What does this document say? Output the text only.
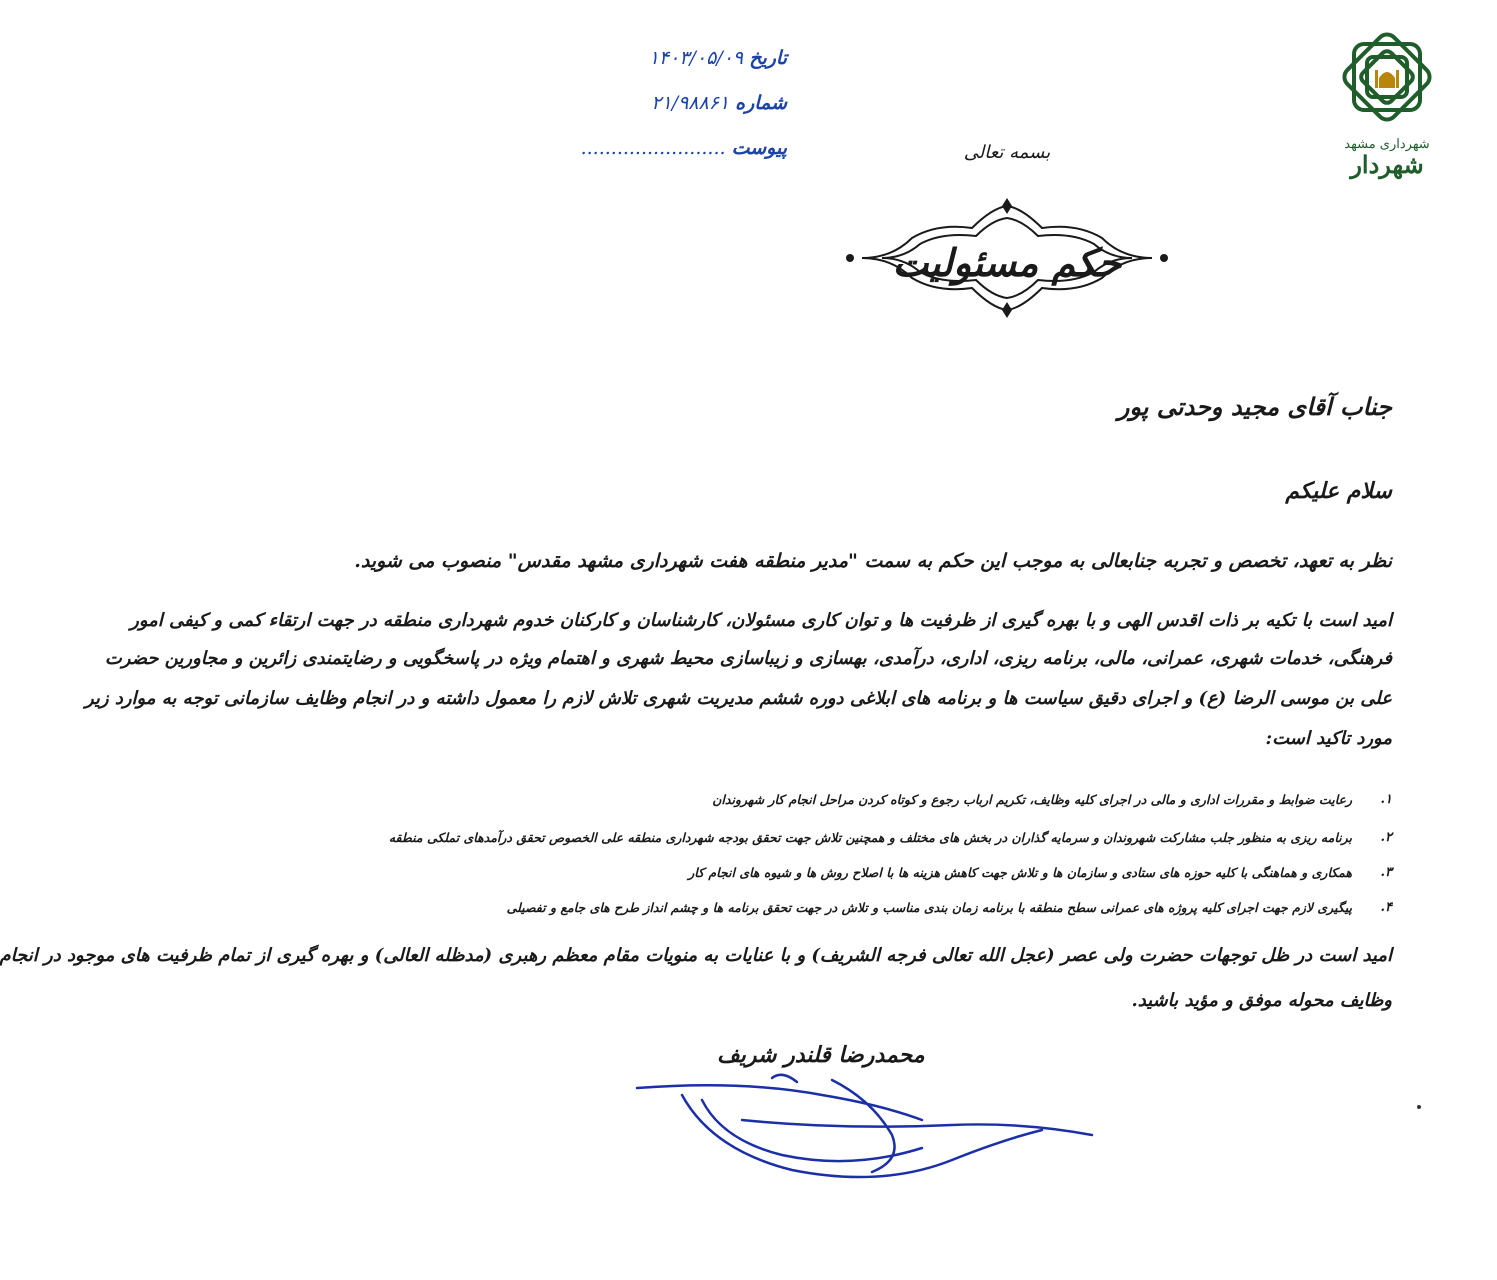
شهرداری مشهد
شهردار
تاریخ ۱۴۰۳/۰۵/۰۹
شماره ۲۱/۹۸۸۶۱
پیوست ........................	بسمه تعالی
حکم مسئولیت
جناب آقای مجید وحدتی پور
سلام علیکم
نظر به تعهد، تخصص و تجربه جنابعالی به موجب این حکم به سمت "مدیر منطقه هفت شهرداری مشهد مقدس" منصوب می شوید.
امید است با تکیه بر ذات اقدس الهی و با بهره گیری از ظرفیت ها و توان کاری مسئولان، کارشناسان و کارکنان خدوم شهرداری منطقه در جهت ارتقاء کمی و کیفی امور
فرهنگی، خدمات شهری، عمرانی، مالی، برنامه ریزی، اداری، درآمدی، بهسازی و زیباسازی محیط شهری و اهتمام ویژه در پاسخگویی و رضایتمندی زائرین و مجاورین حضرت
علی بن موسی الرضا (ع) و اجرای دقیق سیاست ها و برنامه های ابلاغی دوره ششم مدیریت شهری تلاش لازم را معمول داشته و در انجام وظایف سازمانی توجه به موارد زیر
مورد تاکید است:
۱.
رعایت ضوابط و مقررات اداری و مالی در اجرای کلیه وظایف، تکریم ارباب رجوع و کوتاه کردن مراحل انجام کار شهروندان
۲.
برنامه ریزی به منظور جلب مشارکت شهروندان و سرمایه گذاران در بخش های مختلف و همچنین تلاش جهت تحقق بودجه شهرداری منطقه علی الخصوص تحقق درآمدهای تملکی منطقه
۳.
همکاری و هماهنگی با کلیه حوزه های ستادی و سازمان ها و تلاش جهت کاهش هزینه ها با اصلاح روش ها و شیوه های انجام کار
۴.
پیگیری لازم جهت اجرای کلیه پروژه های عمرانی سطح منطقه با برنامه زمان بندی مناسب و تلاش در جهت تحقق برنامه ها و چشم انداز طرح های جامع و تفصیلی
امید است در ظل توجهات حضرت ولی عصر (عجل الله تعالی فرجه الشریف) و با عنایات به منویات مقام معظم رهبری (مدظله العالی) و بهره گیری از تمام ظرفیت های موجود در انجام
وظایف محوله موفق و مؤید باشید.
محمدرضا قلندر شریف
